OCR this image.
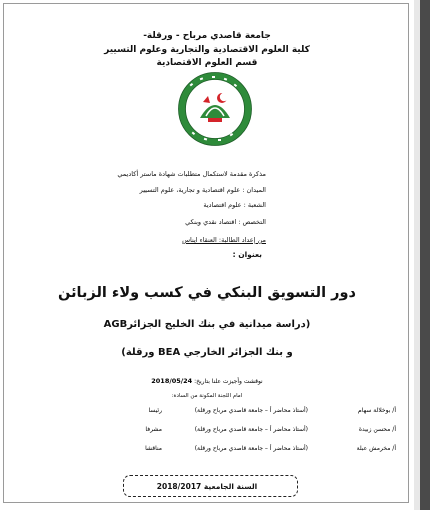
جامعة قاصدي مرباح - ورقلة-
كلية العلوم الاقتصادية والتجارية وعلوم التسيير
قسم العلوم الاقتصادية
مذكرة مقدمة لاستكمال متطلبات شهادة ماستر أكاديمي
الميدان : علوم اقتصادية و تجارية، علوم التسيير
الشعبة : علوم اقتصادية
التخصص : اقتصاد نقدي وبنكي
من إعداد الطالبة: العنقاء ايناس
بعنوان :
دور التسويق البنكي في كسب ولاء الزبائن
(دراسة ميدانية في بنك الخليج الجزائرAGB
و بنك الجزائر الخارجي BEA ورقلة)
نوقشت وأجيزت علنا بتاريخ: 2018/05/24
امام اللجنة المكونة من السادة:
أ/ بوخلالة سهام
(أستاذ محاضر أ – جامعة قاصدي مرباح ورقلة)
رئيسا
أ/ محسن زبيدة
(أستاذ محاضر أ – جامعة قاصدي مرباح ورقلة)
مشرفا
أ/ مخرمش عبلة
(أستاذ محاضر أ – جامعة قاصدي مرباح ورقلة)
مناقشا
السنة الجامعية 2018/2017
